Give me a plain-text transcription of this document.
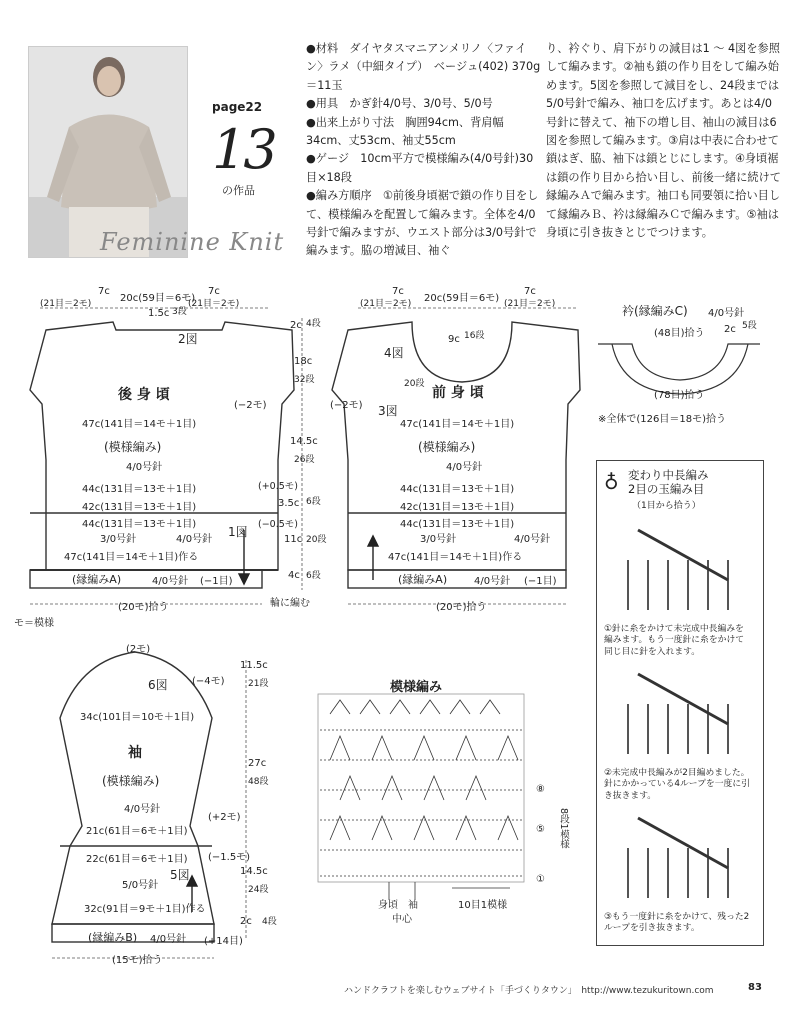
page22
13
の作品
Feminine Knit

●材料　ダイヤタスマニアンメリノ〈ファイン〉ラメ（中細タイプ）　ベージュ(402) 370g＝11玉

●用具　かぎ針4/0号、3/0号、5/0号

●出来上がり寸法　胸囲94cm、背肩幅34cm、丈53cm、袖丈55cm

●ゲージ　10cm平方で模様編み(4/0号針)30目×18段

●編み方順序　①前後身頃裾で鎖の作り目をして、模様編みを配置して編みます。全体を4/0号針で編みますが、ウエスト部分は3/0号針で編みます。脇の増減目、袖ぐ

り、衿ぐり、肩下がりの減目は1 ～ 4図を参照して編みます。②袖も鎖の作り目をして編み始めます。5図を参照して減目をし、24段までは5/0号針で編み、袖口を広げます。あとは4/0号針に替えて、袖下の増し目、袖山の減目は6図を参照して編みます。③肩は中表に合わせて鎖はぎ、脇、袖下は鎖とじにします。④身頃裾は鎖の作り目から拾い目し、前後一緒に続けて縁編みＡで編みます。袖口も同要領に拾い目して縁編みＢ、衿は縁編みＣで編みます。⑤袖は身頃に引き抜きとじでつけます。

7c
(21目＝2モ)	20c(59目＝6モ)
7c
(21目＝2モ)
1.5c 3段
2図
後 身 頃
(−2モ)
47c(141目＝14モ＋1目)
(模様編み)
4/0号針
44c(131目＝13モ＋1目)
42c(131目＝13モ＋1目)
44c(131目＝13モ＋1目)
3/0号針	4/0号針
1図
47c(141目＝14モ＋1目)作る
(縁編みA)	4/0号針 (−1目)
(20モ)拾う
(+0.5モ)
(−0.5モ)
モ＝模様
2c 4段
18c
32段
14.5c
26段
3.5c 6段
11c 20段
4c 6段
輪に編む
7c
(21目＝2モ) 20c(59目＝6モ)
7c
(21目＝2モ)
9c 16段
4図
20段
前 身 頃
(−2モ) 3図
47c(141目＝14モ＋1目)
(模様編み)
4/0号針
44c(131目＝13モ＋1目)
42c(131目＝13モ＋1目)
44c(131目＝13モ＋1目)
3/0号針	4/0号針
47c(141目＝14モ＋1目)作る
(縁編みA)	4/0号針 (−1目)
(20モ)拾う
衿(縁編みC) 4/0号針
(48目)拾う 2c 5段
(78目)拾う
※全体で(126目＝18モ)拾う
(2モ)
6図 (−4モ)
34c(101目＝10モ＋1目)
袖
(模様編み)
4/0号針
(+2モ)
21c(61目＝6モ＋1目)
(−1.5モ)
22c(61目＝6モ＋1目)
5図
5/0号針
32c(91目＝9モ＋1目)作る
(縁編みB) 4/0号針 (+14目)
(15モ)拾う
11.5c
21段
27c
48段
14.5c
24段
2c 4段
模様編み
⑧
⑤
①
8段1模様
身頃 袖
中心
10目1模様
♁ 変わり中長編み
2目の玉編み目
（1目から拾う）
①針に糸をかけて未完成中長編みを編みます。もう一度針に糸をかけて同じ目に針を入れます。
②未完成中長編みが2目編めました。針にかかっている4ループを一度に引き抜きます。
③もう一度針に糸をかけて、残った2ループを引き抜きます。
ハンドクラフトを楽しむウェブサイト「手づくりタウン」　http://www.tezukuritown.com	83
